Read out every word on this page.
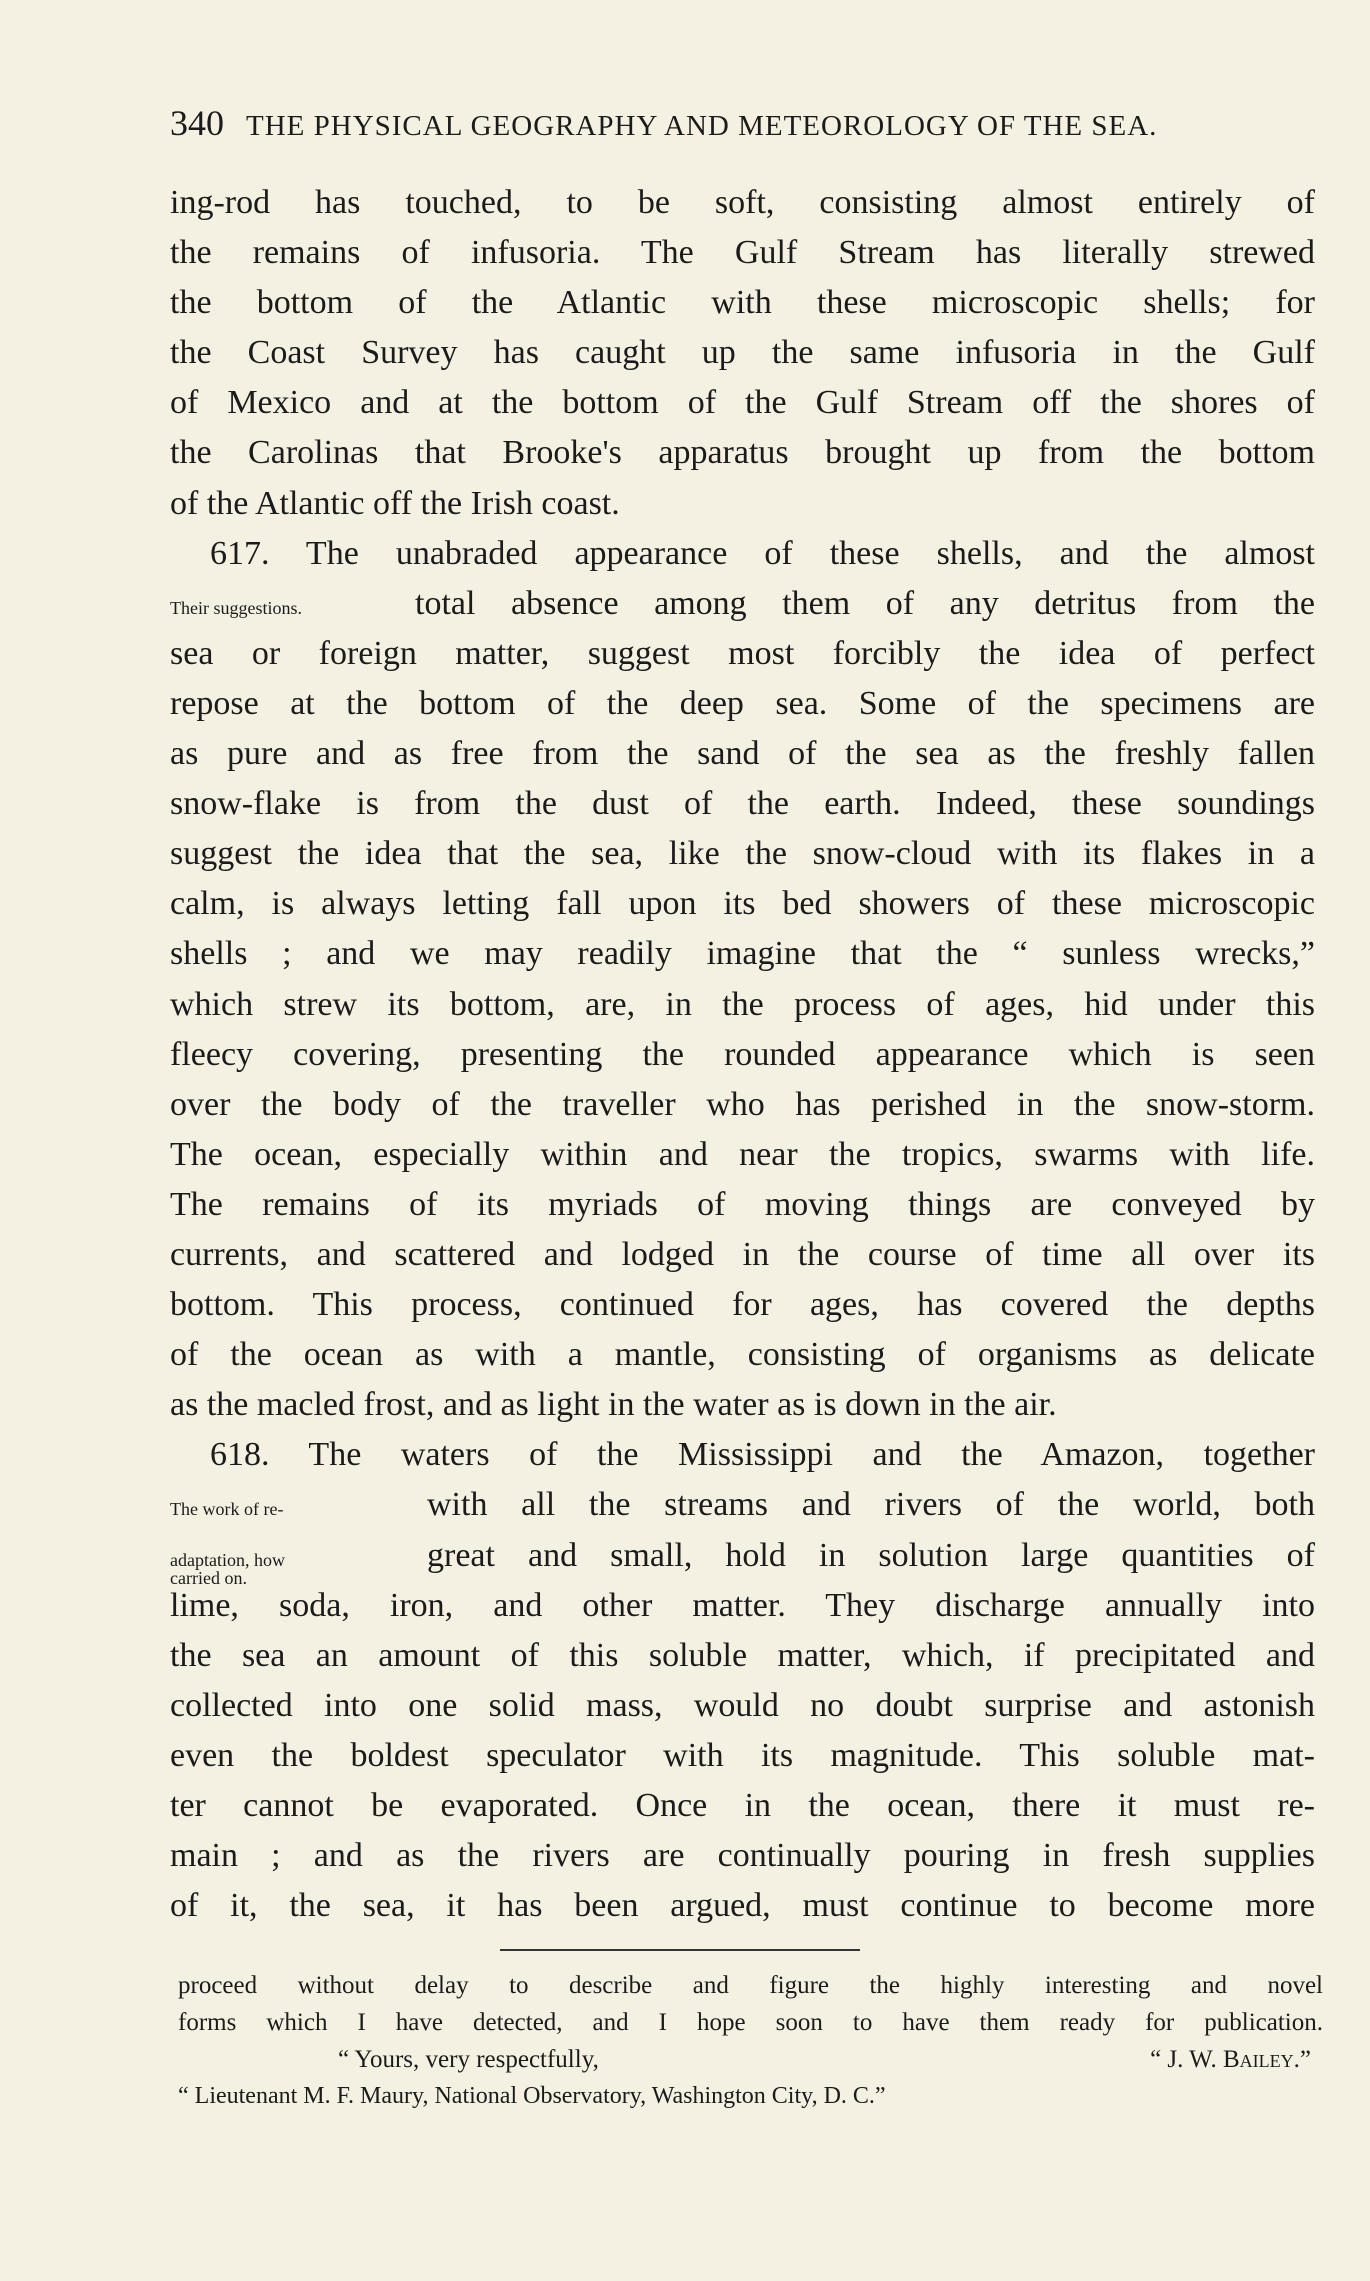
340 THE PHYSICAL GEOGRAPHY AND METEOROLOGY OF THE SEA.
ing-rod has touched, to be soft, consisting almost entirely of
the remains of infusoria. The Gulf Stream has literally strewed
the bottom of the Atlantic with these microscopic shells; for
the Coast Survey has caught up the same infusoria in the Gulf
of Mexico and at the bottom of the Gulf Stream off the shores of
the Carolinas that Brooke's apparatus brought up from the bottom
of the Atlantic off the Irish coast.
617. The unabraded appearance of these shells, and the almost
Their suggestions.	total absence among them of any detritus from the
sea or foreign matter, suggest most forcibly the idea of perfect
repose at the bottom of the deep sea. Some of the specimens are
as pure and as free from the sand of the sea as the freshly fallen
snow-flake is from the dust of the earth. Indeed, these soundings
suggest the idea that the sea, like the snow-cloud with its flakes in a
calm, is always letting fall upon its bed showers of these microscopic
shells ; and we may readily imagine that the “ sunless wrecks,”
which strew its bottom, are, in the process of ages, hid under this
fleecy covering, presenting the rounded appearance which is seen
over the body of the traveller who has perished in the snow-storm.
The ocean, especially within and near the tropics, swarms with life.
The remains of its myriads of moving things are conveyed by
currents, and scattered and lodged in the course of time all over its
bottom. This process, continued for ages, has covered the depths
of the ocean as with a mantle, consisting of organisms as delicate
as the macled frost, and as light in the water as is down in the air.
618. The waters of the Mississippi and the Amazon, together
The work of re-	with all the streams and rivers of the world, both
adaptation, how
carried on.
great and small, hold in solution large quantities of
lime, soda, iron, and other matter. They discharge annually into
the sea an amount of this soluble matter, which, if precipitated and
collected into one solid mass, would no doubt surprise and astonish
even the boldest speculator with its magnitude. This soluble mat-
ter cannot be evaporated. Once in the ocean, there it must re-
main ; and as the rivers are continually pouring in fresh supplies
of it, the sea, it has been argued, must continue to become more
proceed without delay to describe and figure the highly interesting and novel
forms which I have detected, and I hope soon to have them ready for publication.
“ Yours, very respectfully,	“ J. W. Bailey.”
“ Lieutenant M. F. Maury, National Observatory, Washington City, D. C.”
